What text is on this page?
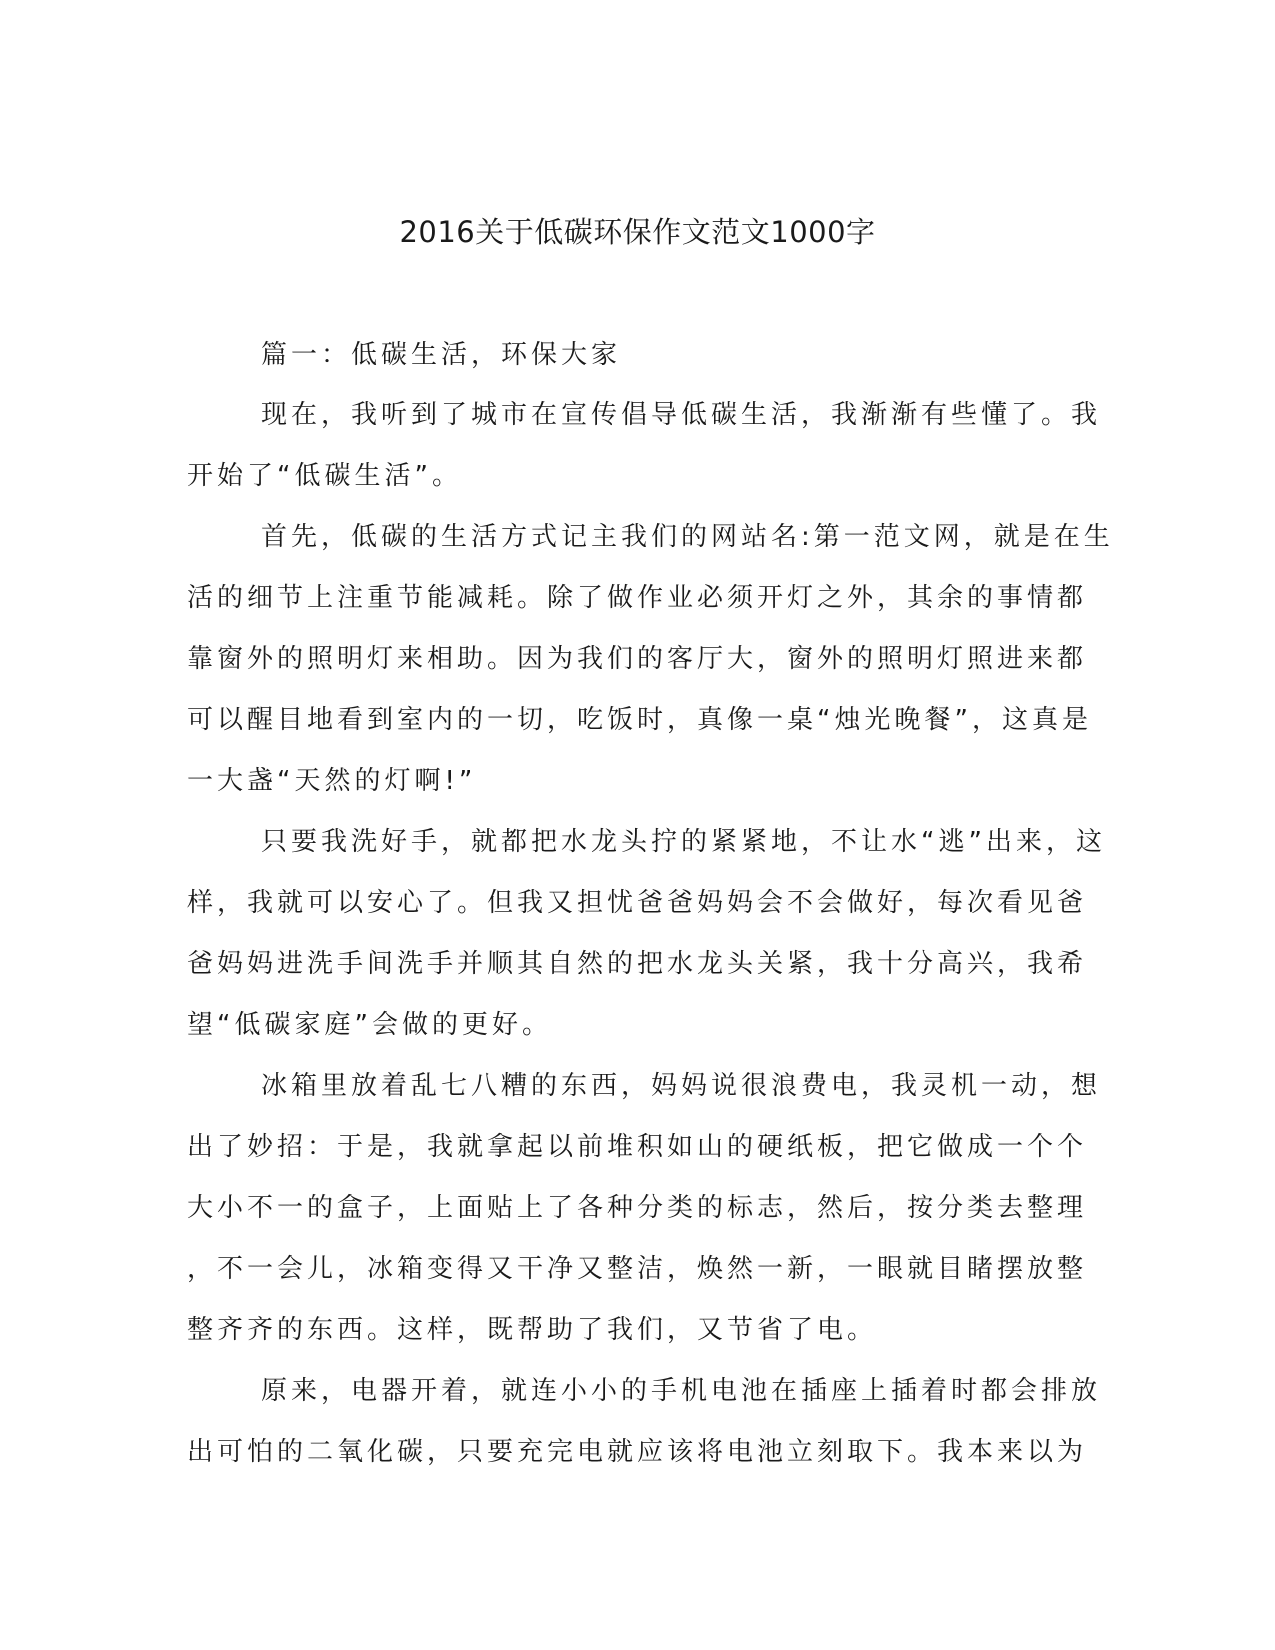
2016关于低碳环保作文范文1000字

篇一：低碳生活，环保大家

现在，我听到了城市在宣传倡导低碳生活，我渐渐有些懂了。我
开始了“低碳生活”。

首先，低碳的生活方式记主我们的网站名:第一范文网，就是在生
活的细节上注重节能减耗。除了做作业必须开灯之外，其余的事情都
靠窗外的照明灯来相助。因为我们的客厅大，窗外的照明灯照进来都
可以醒目地看到室内的一切，吃饭时，真像一桌“烛光晚餐”，这真是
一大盏“天然的灯啊!”

只要我洗好手，就都把水龙头拧的紧紧地，不让水“逃”出来，这
样，我就可以安心了。但我又担忧爸爸妈妈会不会做好，每次看见爸
爸妈妈进洗手间洗手并顺其自然的把水龙头关紧，我十分高兴，我希
望“低碳家庭”会做的更好。

冰箱里放着乱七八糟的东西，妈妈说很浪费电，我灵机一动，想
出了妙招：于是，我就拿起以前堆积如山的硬纸板，把它做成一个个
大小不一的盒子，上面贴上了各种分类的标志，然后，按分类去整理
，不一会儿，冰箱变得又干净又整洁，焕然一新，一眼就目睹摆放整
整齐齐的东西。这样，既帮助了我们，又节省了电。

原来，电器开着，就连小小的手机电池在插座上插着时都会排放
出可怕的二氧化碳，只要充完电就应该将电池立刻取下。我本来以为
